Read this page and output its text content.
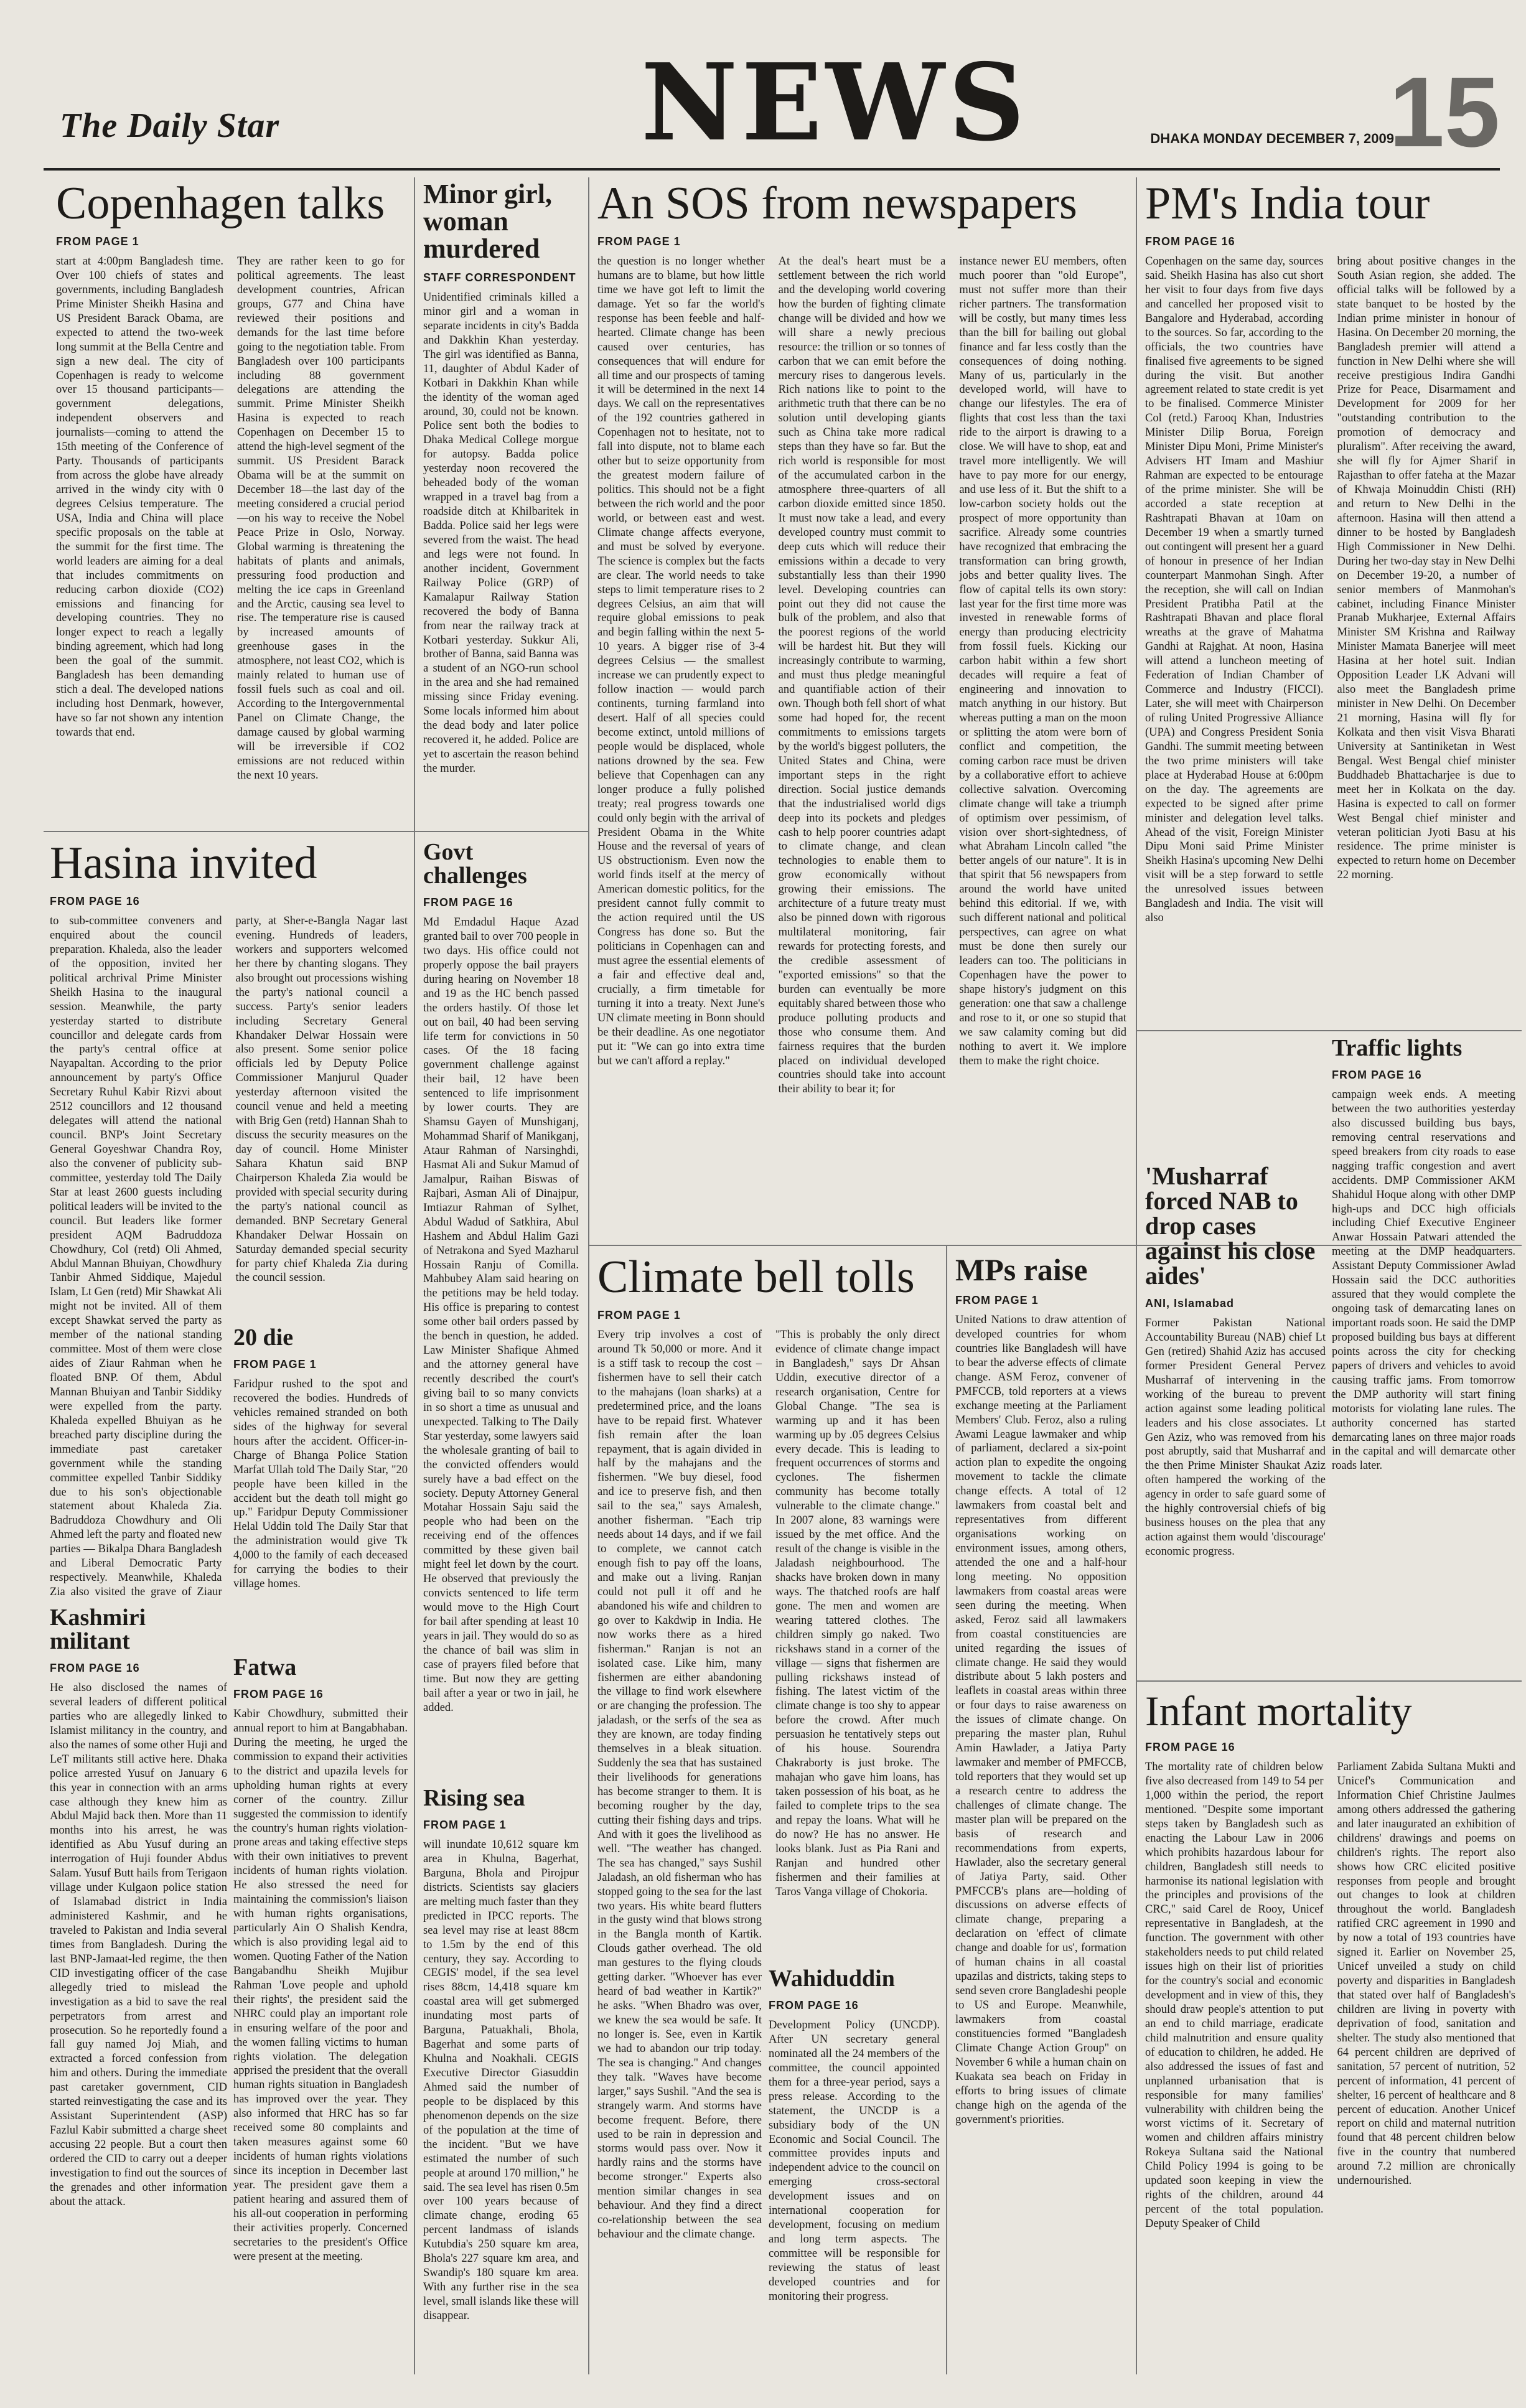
The Daily Star	NEWS	DHAKA MONDAY DECEMBER 7, 2009
15
Copenhagen talks
FROM PAGE 1
start at 4:00pm Bangladesh time. Over 100 chiefs of states and governments, including Bangladesh Prime Minister Sheikh Hasina and US President Barack Obama, are expected to attend the two-week long summit at the Bella Centre and sign a new deal. The city of Copenhagen is ready to welcome over 15 thousand participants—government delegations, independent observers and journalists—coming to attend the 15th meeting of the Conference of Party. Thousands of participants from across the globe have already arrived in the windy city with 0 degrees Celsius temperature. The USA, India and China will place specific proposals on the table at the summit for the first time. The world leaders are aiming for a deal that includes commitments on reducing carbon dioxide (CO2) emissions and financing for developing countries. They no longer expect to reach a legally binding agreement, which had long been the goal of the summit. Bangladesh has been demanding stich a deal. The developed nations including host Denmark, however, have so far not shown any intention towards that end.
They are rather keen to go for political agreements. The least development countries, African groups, G77 and China have reviewed their positions and demands for the last time before going to the negotiation table. From Bangladesh over 100 participants including 88 government delegations are attending the summit. Prime Minister Sheikh Hasina is expected to reach Copenhagen on December 15 to attend the high-level segment of the summit. US President Barack Obama will be at the summit on December 18—the last day of the meeting considered a crucial period—on his way to receive the Nobel Peace Prize in Oslo, Norway. Global warming is threatening the habitats of plants and animals, pressuring food production and melting the ice caps in Greenland and the Arctic, causing sea level to rise. The temperature rise is caused by increased amounts of greenhouse gases in the atmosphere, not least CO2, which is mainly related to human use of fossil fuels such as coal and oil. According to the Intergovernmental Panel on Climate Change, the damage caused by global warming will be irreversible if CO2 emissions are not reduced within the next 10 years.
Minor girl, woman murdered
STAFF CORRESPONDENT
Unidentified criminals killed a minor girl and a woman in separate incidents in city's Badda and Dakkhin Khan yesterday. The girl was identified as Banna, 11, daughter of Abdul Kader of Kotbari in Dakkhin Khan while the identity of the woman aged around, 30, could not be known. Police sent both the bodies to Dhaka Medical College morgue for autopsy. Badda police yesterday noon recovered the beheaded body of the woman wrapped in a travel bag from a roadside ditch at Khilbaritek in Badda. Police said her legs were severed from the waist. The head and legs were not found. In another incident, Government Railway Police (GRP) of Kamalapur Railway Station recovered the body of Banna from near the railway track at Kotbari yesterday. Sukkur Ali, brother of Banna, said Banna was a student of an NGO-run school in the area and she had remained missing since Friday evening. Some locals informed him about the dead body and later police recovered it, he added. Police are yet to ascertain the reason behind the murder.
An SOS from newspapers
FROM PAGE 1
the question is no longer whether humans are to blame, but how little time we have got left to limit the damage. Yet so far the world's response has been feeble and half-hearted. Climate change has been caused over centuries, has consequences that will endure for all time and our prospects of taming it will be determined in the next 14 days. We call on the representatives of the 192 countries gathered in Copenhagen not to hesitate, not to fall into dispute, not to blame each other but to seize opportunity from the greatest modern failure of politics. This should not be a fight between the rich world and the poor world, or between east and west. Climate change affects everyone, and must be solved by everyone. The science is complex but the facts are clear. The world needs to take steps to limit temperature rises to 2 degrees Celsius, an aim that will require global emissions to peak and begin falling within the next 5-10 years. A bigger rise of 3-4 degrees Celsius — the smallest increase we can prudently expect to follow inaction — would parch continents, turning farmland into desert. Half of all species could become extinct, untold millions of people would be displaced, whole nations drowned by the sea. Few believe that Copenhagen can any longer produce a fully polished treaty; real progress towards one could only begin with the arrival of President Obama in the White House and the reversal of years of US obstructionism. Even now the world finds itself at the mercy of American domestic politics, for the president cannot fully commit to the action required until the US Congress has done so. But the politicians in Copenhagen can and must agree the essential elements of a fair and effective deal and, crucially, a firm timetable for turning it into a treaty. Next June's UN climate meeting in Bonn should be their deadline. As one negotiator put it: "We can go into extra time but we can't afford a replay."
At the deal's heart must be a settlement between the rich world and the developing world covering how the burden of fighting climate change will be divided and how we will share a newly precious resource: the trillion or so tonnes of carbon that we can emit before the mercury rises to dangerous levels. Rich nations like to point to the arithmetic truth that there can be no solution until developing giants such as China take more radical steps than they have so far. But the rich world is responsible for most of the accumulated carbon in the atmosphere three-quarters of all carbon dioxide emitted since 1850. It must now take a lead, and every developed country must commit to deep cuts which will reduce their emissions within a decade to very substantially less than their 1990 level. Developing countries can point out they did not cause the bulk of the problem, and also that the poorest regions of the world will be hardest hit. But they will increasingly contribute to warming, and must thus pledge meaningful and quantifiable action of their own. Though both fell short of what some had hoped for, the recent commitments to emissions targets by the world's biggest polluters, the United States and China, were important steps in the right direction. Social justice demands that the industrialised world digs deep into its pockets and pledges cash to help poorer countries adapt to climate change, and clean technologies to enable them to grow economically without growing their emissions. The architecture of a future treaty must also be pinned down with rigorous multilateral monitoring, fair rewards for protecting forests, and the credible assessment of "exported emissions" so that the burden can eventually be more equitably shared between those who produce polluting products and those who consume them. And fairness requires that the burden placed on individual developed countries should take into account their ability to bear it; for
instance newer EU members, often much poorer than "old Europe", must not suffer more than their richer partners. The transformation will be costly, but many times less than the bill for bailing out global finance and far less costly than the consequences of doing nothing. Many of us, particularly in the developed world, will have to change our lifestyles. The era of flights that cost less than the taxi ride to the airport is drawing to a close. We will have to shop, eat and travel more intelligently. We will have to pay more for our energy, and use less of it. But the shift to a low-carbon society holds out the prospect of more opportunity than sacrifice. Already some countries have recognized that embracing the transformation can bring growth, jobs and better quality lives. The flow of capital tells its own story: last year for the first time more was invested in renewable forms of energy than producing electricity from fossil fuels. Kicking our carbon habit within a few short decades will require a feat of engineering and innovation to match anything in our history. But whereas putting a man on the moon or splitting the atom were born of conflict and competition, the coming carbon race must be driven by a collaborative effort to achieve collective salvation. Overcoming climate change will take a triumph of optimism over pessimism, of vision over short-sightedness, of what Abraham Lincoln called "the better angels of our nature". It is in that spirit that 56 newspapers from around the world have united behind this editorial. If we, with such different national and political perspectives, can agree on what must be done then surely our leaders can too. The politicians in Copenhagen have the power to shape history's judgment on this generation: one that saw a challenge and rose to it, or one so stupid that we saw calamity coming but did nothing to avert it. We implore them to make the right choice.
PM's India tour
FROM PAGE 16
Copenhagen on the same day, sources said. Sheikh Hasina has also cut short her visit to four days from five days and cancelled her proposed visit to Bangalore and Hyderabad, according to the sources. So far, according to the officials, the two countries have finalised five agreements to be signed during the visit. But another agreement related to state credit is yet to be finalised. Commerce Minister Col (retd.) Farooq Khan, Industries Minister Dilip Borua, Foreign Minister Dipu Moni, Prime Minister's Advisers HT Imam and Mashiur Rahman are expected to be entourage of the prime minister. She will be accorded a state reception at Rashtrapati Bhavan at 10am on December 19 when a smartly turned out contingent will present her a guard of honour in presence of her Indian counterpart Manmohan Singh. After the reception, she will call on Indian President Pratibha Patil at the Rashtrapati Bhavan and place floral wreaths at the grave of Mahatma Gandhi at Rajghat. At noon, Hasina will attend a luncheon meeting of Federation of Indian Chamber of Commerce and Industry (FICCI). Later, she will meet with Chairperson of ruling United Progressive Alliance (UPA) and Congress President Sonia Gandhi. The summit meeting between the two prime ministers will take place at Hyderabad House at 6:00pm on the day. The agreements are expected to be signed after prime minister and delegation level talks. Ahead of the visit, Foreign Minister Dipu Moni said Prime Minister Sheikh Hasina's upcoming New Delhi visit will be a step forward to settle the unresolved issues between Bangladesh and India. The visit will also
bring about positive changes in the South Asian region, she added. The official talks will be followed by a state banquet to be hosted by the Indian prime minister in honour of Hasina. On December 20 morning, the Bangladesh premier will attend a function in New Delhi where she will receive prestigious Indira Gandhi Prize for Peace, Disarmament and Development for 2009 for her "outstanding contribution to the promotion of democracy and pluralism". After receiving the award, she will fly for Ajmer Sharif in Rajasthan to offer fateha at the Mazar of Khwaja Moinuddin Chisti (RH) and return to New Delhi in the afternoon. Hasina will then attend a dinner to be hosted by Bangladesh High Commissioner in New Delhi. During her two-day stay in New Delhi on December 19-20, a number of senior members of Manmohan's cabinet, including Finance Minister Pranab Mukharjee, External Affairs Minister SM Krishna and Railway Minister Mamata Banerjee will meet Hasina at her hotel suit. Indian Opposition Leader LK Advani will also meet the Bangladesh prime minister in New Delhi. On December 21 morning, Hasina will fly for Kolkata and then visit Visva Bharati University at Santiniketan in West Bengal. West Bengal chief minister Buddhadeb Bhattacharjee is due to meet her in Kolkata on the day. Hasina is expected to call on former West Bengal chief minister and veteran politician Jyoti Basu at his residence. The prime minister is expected to return home on December 22 morning.
Hasina invited
FROM PAGE 16
to sub-committee conveners and enquired about the council preparation. Khaleda, also the leader of the opposition, invited her political archrival Prime Minister Sheikh Hasina to the inaugural session. Meanwhile, the party yesterday started to distribute councillor and delegate cards from the party's central office at Nayapaltan. According to the prior announcement by party's Office Secretary Ruhul Kabir Rizvi about 2512 councillors and 12 thousand delegates will attend the national council. BNP's Joint Secretary General Goyeshwar Chandra Roy, also the convener of publicity sub-committee, yesterday told The Daily Star at least 2600 guests including political leaders will be invited to the council. But leaders like former president AQM Badruddoza Chowdhury, Col (retd) Oli Ahmed, Abdul Mannan Bhuiyan, Chowdhury Tanbir Ahmed Siddique, Majedul Islam, Lt Gen (retd) Mir Shawkat Ali might not be invited. All of them except Shawkat served the party as member of the national standing committee. Most of them were close aides of Ziaur Rahman when he floated BNP. Of them, Abdul Mannan Bhuiyan and Tanbir Siddiky were expelled from the party. Khaleda expelled Bhuiyan as he breached party discipline during the immediate past caretaker government while the standing committee expelled Tanbir Siddiky due to his son's objectionable statement about Khaleda Zia. Badruddoza Chowdhury and Oli Ahmed left the party and floated new parties — Bikalpa Dhara Bangladesh and Liberal Democratic Party respectively. Meanwhile, Khaleda Zia also visited the grave of Ziaur
party, at Sher-e-Bangla Nagar last evening. Hundreds of leaders, workers and supporters welcomed her there by chanting slogans. They also brought out processions wishing the party's national council a success. Party's senior leaders including Secretary General Khandaker Delwar Hossain were also present. Some senior police officials led by Deputy Police Commissioner Manjurul Quader yesterday afternoon visited the council venue and held a meeting with Brig Gen (retd) Hannan Shah to discuss the security measures on the day of council. Home Minister Sahara Khatun said BNP Chairperson Khaleda Zia would be provided with special security during the party's national council as demanded. BNP Secretary General Khandaker Delwar Hossain on Saturday demanded special security for party chief Khaleda Zia during the council session.
Kashmiri militant
FROM PAGE 16
He also disclosed the names of several leaders of different political parties who are allegedly linked to Islamist militancy in the country, and also the names of some other Huji and LeT militants still active here. Dhaka police arrested Yusuf on January 6 this year in connection with an arms case although they knew him as Abdul Majid back then. More than 11 months into his arrest, he was identified as Abu Yusuf during an interrogation of Huji founder Abdus Salam. Yusuf Butt hails from Terigaon village under Kulgaon police station of Islamabad district in India administered Kashmir, and he traveled to Pakistan and India several times from Bangladesh. During the last BNP-Jamaat-led regime, the then CID investigating officer of the case allegedly tried to mislead the investigation as a bid to save the real perpetrators from arrest and prosecution. So he reportedly found a fall guy named Joj Miah, and extracted a forced confession from him and others. During the immediate past caretaker government, CID started reinvestigating the case and its Assistant Superintendent (ASP) Fazlul Kabir submitted a charge sheet accusing 22 people. But a court then ordered the CID to carry out a deeper investigation to find out the sources of the grenades and other information about the attack.
20 die
FROM PAGE 1
Faridpur rushed to the spot and recovered the bodies. Hundreds of vehicles remained stranded on both sides of the highway for several hours after the accident. Officer-in-Charge of Bhanga Police Station Marfat Ullah told The Daily Star, "20 people have been killed in the accident but the death toll might go up." Faridpur Deputy Commissioner Helal Uddin told The Daily Star that the administration would give Tk 4,000 to the family of each deceased for carrying the bodies to their village homes.
Fatwa
FROM PAGE 16
Kabir Chowdhury, submitted their annual report to him at Bangabhaban. During the meeting, he urged the commission to expand their activities to the district and upazila levels for upholding human rights at every corner of the country. Zillur suggested the commission to identify the country's human rights violation-prone areas and taking effective steps with their own initiatives to prevent incidents of human rights violation. He also stressed the need for maintaining the commission's liaison with human rights organisations, particularly Ain O Shalish Kendra, which is also providing legal aid to women. Quoting Father of the Nation Bangabandhu Sheikh Mujibur Rahman 'Love people and uphold their rights', the president said the NHRC could play an important role in ensuring welfare of the poor and the women falling victims to human rights violation. The delegation apprised the president that the overall human rights situation in Bangladesh has improved over the year. They also informed that HRC has so far received some 80 complaints and taken measures against some 60 incidents of human rights violations since its inception in December last year. The president gave them a patient hearing and assured them of his all-out cooperation in performing their activities properly. Concerned secretaries to the president's Office were present at the meeting.
Govt challenges
FROM PAGE 16
Md Emdadul Haque Azad granted bail to over 700 people in two days. His office could not properly oppose the bail prayers during hearing on November 18 and 19 as the HC bench passed the orders hastily. Of those let out on bail, 40 had been serving life term for convictions in 50 cases. Of the 18 facing government challenge against their bail, 12 have been sentenced to life imprisonment by lower courts. They are Shamsu Gayen of Munshiganj, Mohammad Sharif of Manikganj, Ataur Rahman of Narsinghdi, Hasmat Ali and Sukur Mamud of Jamalpur, Raihan Biswas of Rajbari, Asman Ali of Dinajpur, Imtiazur Rahman of Sylhet, Abdul Wadud of Satkhira, Abul Hashem and Abdul Halim Gazi of Netrakona and Syed Mazharul Hossain Ranju of Comilla. Mahbubey Alam said hearing on the petitions may be held today. His office is preparing to contest some other bail orders passed by the bench in question, he added. Law Minister Shafique Ahmed and the attorney general have recently described the court's giving bail to so many convicts in so short a time as unusual and unexpected. Talking to The Daily Star yesterday, some lawyers said the wholesale granting of bail to the convicted offenders would surely have a bad effect on the society. Deputy Attorney General Motahar Hossain Saju said the people who had been on the receiving end of the offences committed by these given bail might feel let down by the court. He observed that previously the convicts sentenced to life term would move to the High Court for bail after spending at least 10 years in jail. They would do so as the chance of bail was slim in case of prayers filed before that time. But now they are getting bail after a year or two in jail, he added.
Rising sea
FROM PAGE 1
will inundate 10,612 square km area in Khulna, Bagerhat, Barguna, Bhola and Pirojpur districts. Scientists say glaciers are melting much faster than they predicted in IPCC reports. The sea level may rise at least 88cm to 1.5m by the end of this century, they say. According to CEGIS' model, if the sea level rises 88cm, 14,418 square km coastal area will get submerged inundating most parts of Barguna, Patuakhali, Bhola, Bagerhat and some parts of Khulna and Noakhali. CEGIS Executive Director Giasuddin Ahmed said the number of people to be displaced by this phenomenon depends on the size of the population at the time of the incident. "But we have estimated the number of such people at around 170 million," he said. The sea level has risen 0.5m over 100 years because of climate change, eroding 65 percent landmass of islands Kutubdia's 250 square km area, Bhola's 227 square km area, and Swandip's 180 square km area. With any further rise in the sea level, small islands like these will disappear.
Climate bell tolls
FROM PAGE 1
Every trip involves a cost of around Tk 50,000 or more. And it is a stiff task to recoup the cost – fishermen have to sell their catch to the mahajans (loan sharks) at a predetermined price, and the loans have to be repaid first. Whatever fish remain after the loan repayment, that is again divided in half by the mahajans and the fishermen. "We buy diesel, food and ice to preserve fish, and then sail to the sea," says Amalesh, another fisherman. "Each trip needs about 14 days, and if we fail to complete, we cannot catch enough fish to pay off the loans, and make out a living. Ranjan could not pull it off and he abandoned his wife and children to go over to Kakdwip in India. He now works there as a hired fisherman." Ranjan is not an isolated case. Like him, many fishermen are either abandoning the village to find work elsewhere or are changing the profession. The jaladash, or the serfs of the sea as they are known, are today finding themselves in a bleak situation. Suddenly the sea that has sustained their livelihoods for generations has become stranger to them. It is becoming rougher by the day, cutting their fishing days and trips. And with it goes the livelihood as well. "The weather has changed. The sea has changed," says Sushil Jaladash, an old fisherman who has stopped going to the sea for the last two years. His white beard flutters in the gusty wind that blows strong in the Bangla month of Kartik. Clouds gather overhead. The old man gestures to the flying clouds getting darker. "Whoever has ever heard of bad weather in Kartik?" he asks. "When Bhadro was over, we knew the sea would be safe. It no longer is. See, even in Kartik we had to abandon our trip today. The sea is changing." And changes they talk. "Waves have become larger," says Sushil. "And the sea is strangely warm. And storms have become frequent. Before, there used to be rain in depression and storms would pass over. Now it hardly rains and the storms have become stronger." Experts also mention similar changes in sea behaviour. And they find a direct co-relationship between the sea behaviour and the climate change.
"This is probably the only direct evidence of climate change impact in Bangladesh," says Dr Ahsan Uddin, executive director of a research organisation, Centre for Global Change. "The sea is warming up and it has been warming up by .05 degrees Celsius every decade. This is leading to frequent occurrences of storms and cyclones. The fishermen community has become totally vulnerable to the climate change." In 2007 alone, 83 warnings were issued by the met office. And the result of the change is visible in the Jaladash neighbourhood. The shacks have broken down in many ways. The thatched roofs are half gone. The men and women are wearing tattered clothes. The children simply go naked. Two rickshaws stand in a corner of the village — signs that fishermen are pulling rickshaws instead of fishing. The latest victim of the climate change is too shy to appear before the crowd. After much persuasion he tentatively steps out of his house. Sourendra Chakraborty is just broke. The mahajan who gave him loans, has taken possession of his boat, as he failed to complete trips to the sea and repay the loans. What will he do now? He has no answer. He looks blank. Just as Pia Rani and Ranjan and hundred other fishermen and their families at Taros Vanga village of Chokoria.
Wahiduddin
FROM PAGE 16
Development Policy (UNCDP). After UN secretary general nominated all the 24 members of the committee, the council appointed them for a three-year period, says a press release. According to the statement, the UNCDP is a subsidiary body of the UN Economic and Social Council. The committee provides inputs and independent advice to the council on emerging cross-sectoral development issues and on international cooperation for development, focusing on medium and long term aspects. The committee will be responsible for reviewing the status of least developed countries and for monitoring their progress.
MPs raise
FROM PAGE 1
United Nations to draw attention of developed countries for whom countries like Bangladesh will have to bear the adverse effects of climate change. ASM Feroz, convener of PMFCCB, told reporters at a views exchange meeting at the Parliament Members' Club. Feroz, also a ruling Awami League lawmaker and whip of parliament, declared a six-point action plan to expedite the ongoing movement to tackle the climate change effects. A total of 12 lawmakers from coastal belt and representatives from different organisations working on environment issues, among others, attended the one and a half-hour long meeting. No opposition lawmakers from coastal areas were seen during the meeting. When asked, Feroz said all lawmakers from coastal constituencies are united regarding the issues of climate change. He said they would distribute about 5 lakh posters and leaflets in coastal areas within three or four days to raise awareness on the issues of climate change. On preparing the master plan, Ruhul Amin Hawlader, a Jatiya Party lawmaker and member of PMFCCB, told reporters that they would set up a research centre to address the challenges of climate change. The master plan will be prepared on the basis of research and recommendations from experts, Hawlader, also the secretary general of Jatiya Party, said. Other PMFCCB's plans are—holding of discussions on adverse effects of climate change, preparing a declaration on 'effect of climate change and doable for us', formation of human chains in all coastal upazilas and districts, taking steps to send seven crore Bangladeshi people to US and Europe. Meanwhile, lawmakers from coastal constituencies formed "Bangladesh Climate Change Action Group" on November 6 while a human chain on Kuakata sea beach on Friday in efforts to bring issues of climate change high on the agenda of the government's priorities.
'Musharraf forced NAB to drop cases against his close aides'
ANI, Islamabad
Former Pakistan National Accountability Bureau (NAB) chief Lt Gen (retired) Shahid Aziz has accused former President General Pervez Musharraf of intervening in the working of the bureau to prevent action against some leading political leaders and his close associates. Lt Gen Aziz, who was removed from his post abruptly, said that Musharraf and the then Prime Minister Shaukat Aziz often hampered the working of the agency in order to safe guard some of the highly controversial chiefs of big business houses on the plea that any action against them would 'discourage' economic progress.
Traffic lights
FROM PAGE 16
campaign week ends. A meeting between the two authorities yesterday also discussed building bus bays, removing central reservations and speed breakers from city roads to ease nagging traffic congestion and avert accidents. DMP Commissioner AKM Shahidul Hoque along with other DMP high-ups and DCC high officials including Chief Executive Engineer Anwar Hossain Patwari attended the meeting at the DMP headquarters. Assistant Deputy Commissioner Awlad Hossain said the DCC authorities assured that they would complete the ongoing task of demarcating lanes on important roads soon. He said the DMP proposed building bus bays at different points across the city for checking papers of drivers and vehicles to avoid causing traffic jams. From tomorrow the DMP authority will start fining motorists for violating lane rules. The authority concerned has started demarcating lanes on three major roads in the capital and will demarcate other roads later.
Infant mortality
FROM PAGE 16
The mortality rate of children below five also decreased from 149 to 54 per 1,000 within the period, the report mentioned. "Despite some important steps taken by Bangladesh such as enacting the Labour Law in 2006 which prohibits hazardous labour for children, Bangladesh still needs to harmonise its national legislation with the principles and provisions of the CRC," said Carel de Rooy, Unicef representative in Bangladesh, at the function. The government with other stakeholders needs to put child related issues high on their list of priorities for the country's social and economic development and in view of this, they should draw people's attention to put an end to child marriage, eradicate child malnutrition and ensure quality of education to children, he added. He also addressed the issues of fast and unplanned urbanisation that is responsible for many families' vulnerability with children being the worst victims of it. Secretary of women and children affairs ministry Rokeya Sultana said the National Child Policy 1994 is going to be updated soon keeping in view the rights of the children, around 44 percent of the total population. Deputy Speaker of Child
Parliament Zabida Sultana Mukti and Unicef's Communication and Information Chief Christine Jaulmes among others addressed the gathering and later inaugurated an exhibition of childrens' drawings and poems on children's rights. The report also shows how CRC elicited positive responses from people and brought out changes to look at children throughout the world. Bangladesh ratified CRC agreement in 1990 and by now a total of 193 countries have signed it. Earlier on November 25, Unicef unveiled a study on child poverty and disparities in Bangladesh that stated over half of Bangladesh's children are living in poverty with deprivation of food, sanitation and shelter. The study also mentioned that 64 percent children are deprived of sanitation, 57 percent of nutrition, 52 percent of information, 41 percent of shelter, 16 percent of healthcare and 8 percent of education. Another Unicef report on child and maternal nutrition found that 48 percent children below five in the country that numbered around 7.2 million are chronically undernourished.
